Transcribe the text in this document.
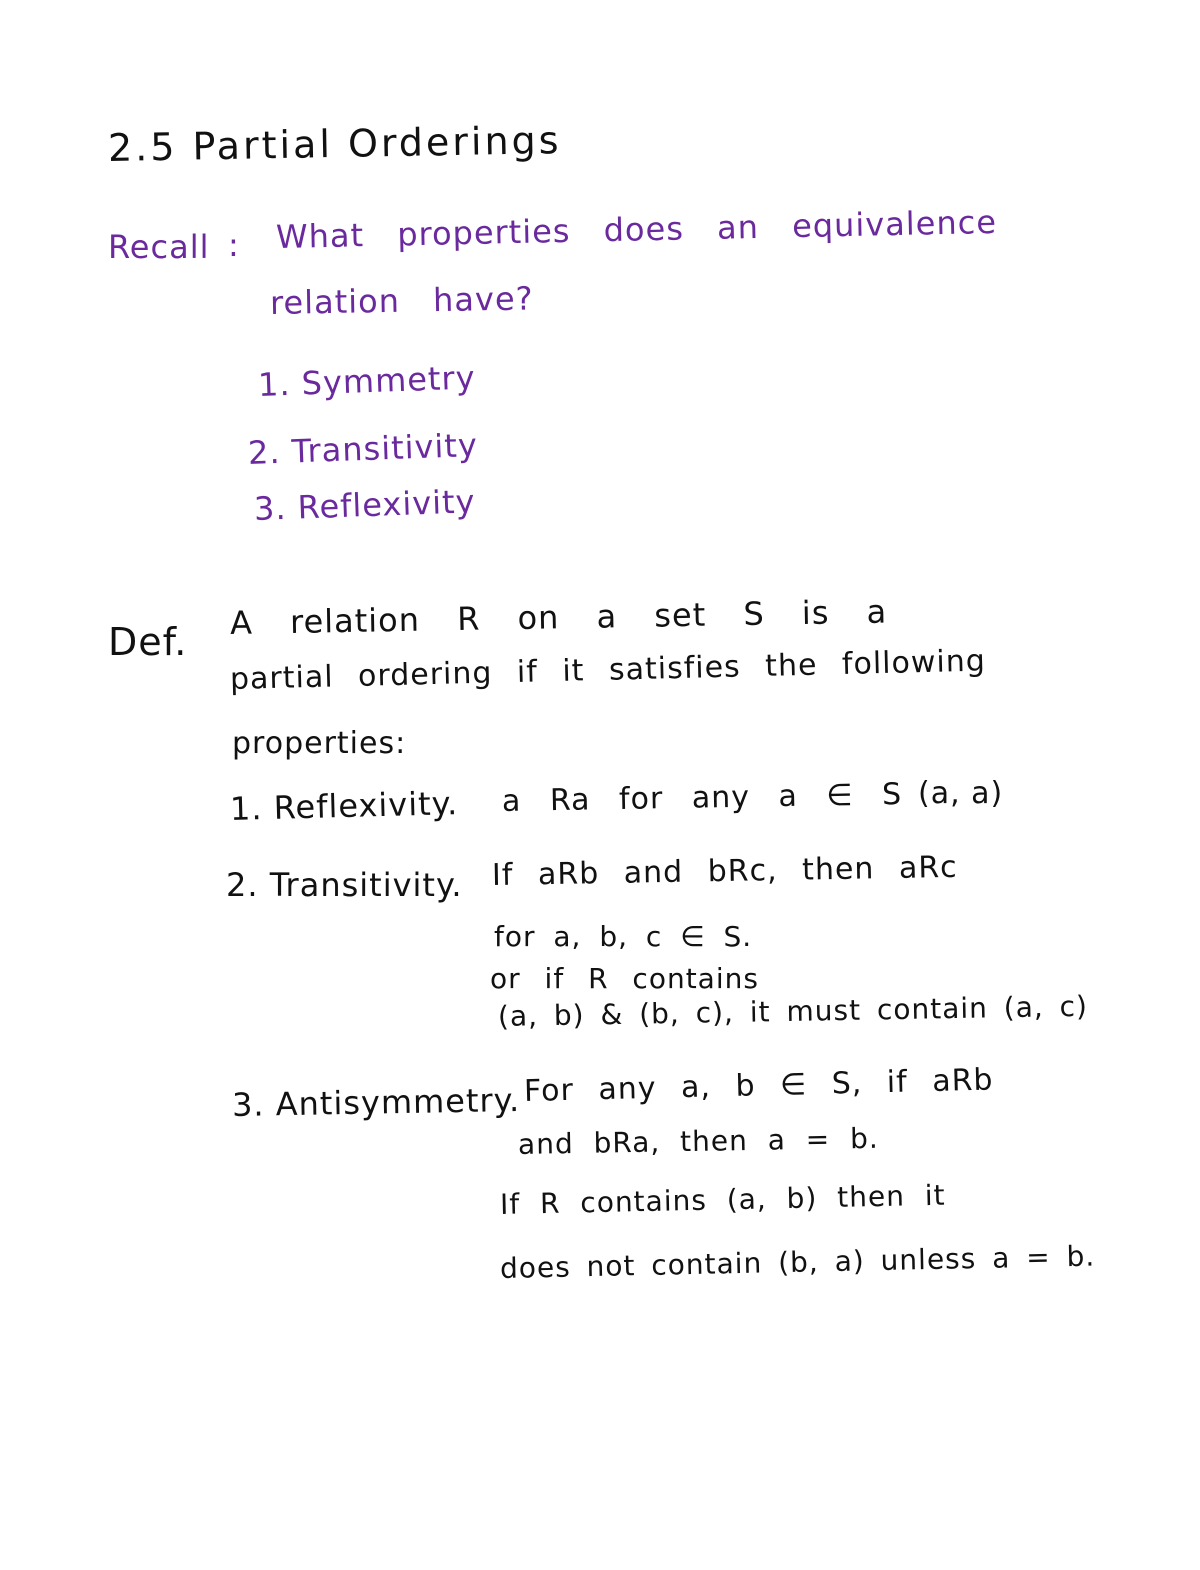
2.5 Partial Orderings
Recall : What properties does an equivalence
relation have?
1. Symmetry
2. Transitivity
3. Reflexivity
Def.
A relation R on a set S is a
partial ordering if it satisfies the following
properties:
1. Reflexivity. a Ra for any a ∈ S (a, a)
2. Transitivity. If aRb and bRc, then aRc
for a, b, c ∈ S.
or if R contains
(a, b) & (b, c), it must contain (a, c)
3. Antisymmetry. For any a, b ∈ S, if aRb
and bRa, then a = b.
If R contains (a, b) then it
does not contain (b, a) unless a = b.
